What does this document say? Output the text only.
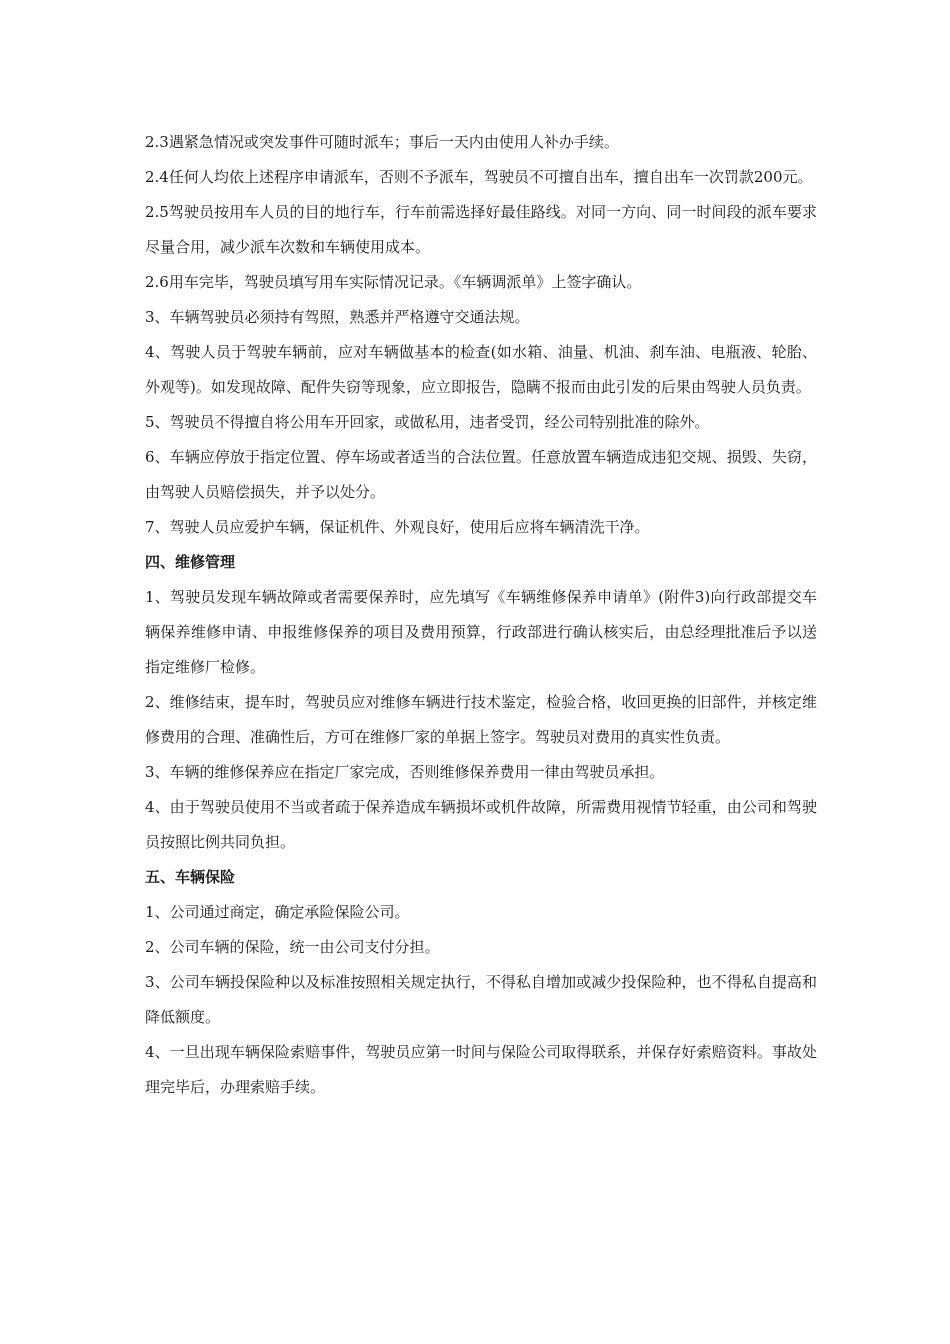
2.3遇紧急情况或突发事件可随时派车；事后一天内由使用人补办手续。

2.4任何人均依上述程序申请派车，否则不予派车，驾驶员不可擅自出车，擅自出车一次罚款200元。

2.5驾驶员按用车人员的目的地行车，行车前需选择好最佳路线。对同一方向、同一时间段的派车要求尽量合用，减少派车次数和车辆使用成本。

2.6用车完毕，驾驶员填写用车实际情况记录。《车辆调派单》上签字确认。

3、车辆驾驶员必须持有驾照，熟悉并严格遵守交通法规。

4、驾驶人员于驾驶车辆前，应对车辆做基本的检查(如水箱、油量、机油、刹车油、电瓶液、轮胎、外观等)。如发现故障、配件失窃等现象，应立即报告，隐瞒不报而由此引发的后果由驾驶人员负责。

5、驾驶员不得擅自将公用车开回家，或做私用，违者受罚，经公司特别批准的除外。

6、车辆应停放于指定位置、停车场或者适当的合法位置。任意放置车辆造成违犯交规、损毁、失窃，由驾驶人员赔偿损失，并予以处分。

7、驾驶人员应爱护车辆，保证机件、外观良好，使用后应将车辆清洗干净。

四、维修管理

1、驾驶员发现车辆故障或者需要保养时，应先填写《车辆维修保养申请单》(附件3)向行政部提交车辆保养维修申请、申报维修保养的项目及费用预算，行政部进行确认核实后，由总经理批准后予以送指定维修厂检修。

2、维修结束，提车时，驾驶员应对维修车辆进行技术鉴定，检验合格，收回更换的旧部件，并核定维修费用的合理、准确性后，方可在维修厂家的单据上签字。驾驶员对费用的真实性负责。

3、车辆的维修保养应在指定厂家完成，否则维修保养费用一律由驾驶员承担。

4、由于驾驶员使用不当或者疏于保养造成车辆损坏或机件故障，所需费用视情节轻重，由公司和驾驶员按照比例共同负担。

五、车辆保险

1、公司通过商定，确定承险保险公司。

2、公司车辆的保险，统一由公司支付分担。

3、公司车辆投保险种以及标准按照相关规定执行，不得私自增加或减少投保险种，也不得私自提高和降低额度。

4、一旦出现车辆保险索赔事件，驾驶员应第一时间与保险公司取得联系，并保存好索赔资料。事故处理完毕后，办理索赔手续。
